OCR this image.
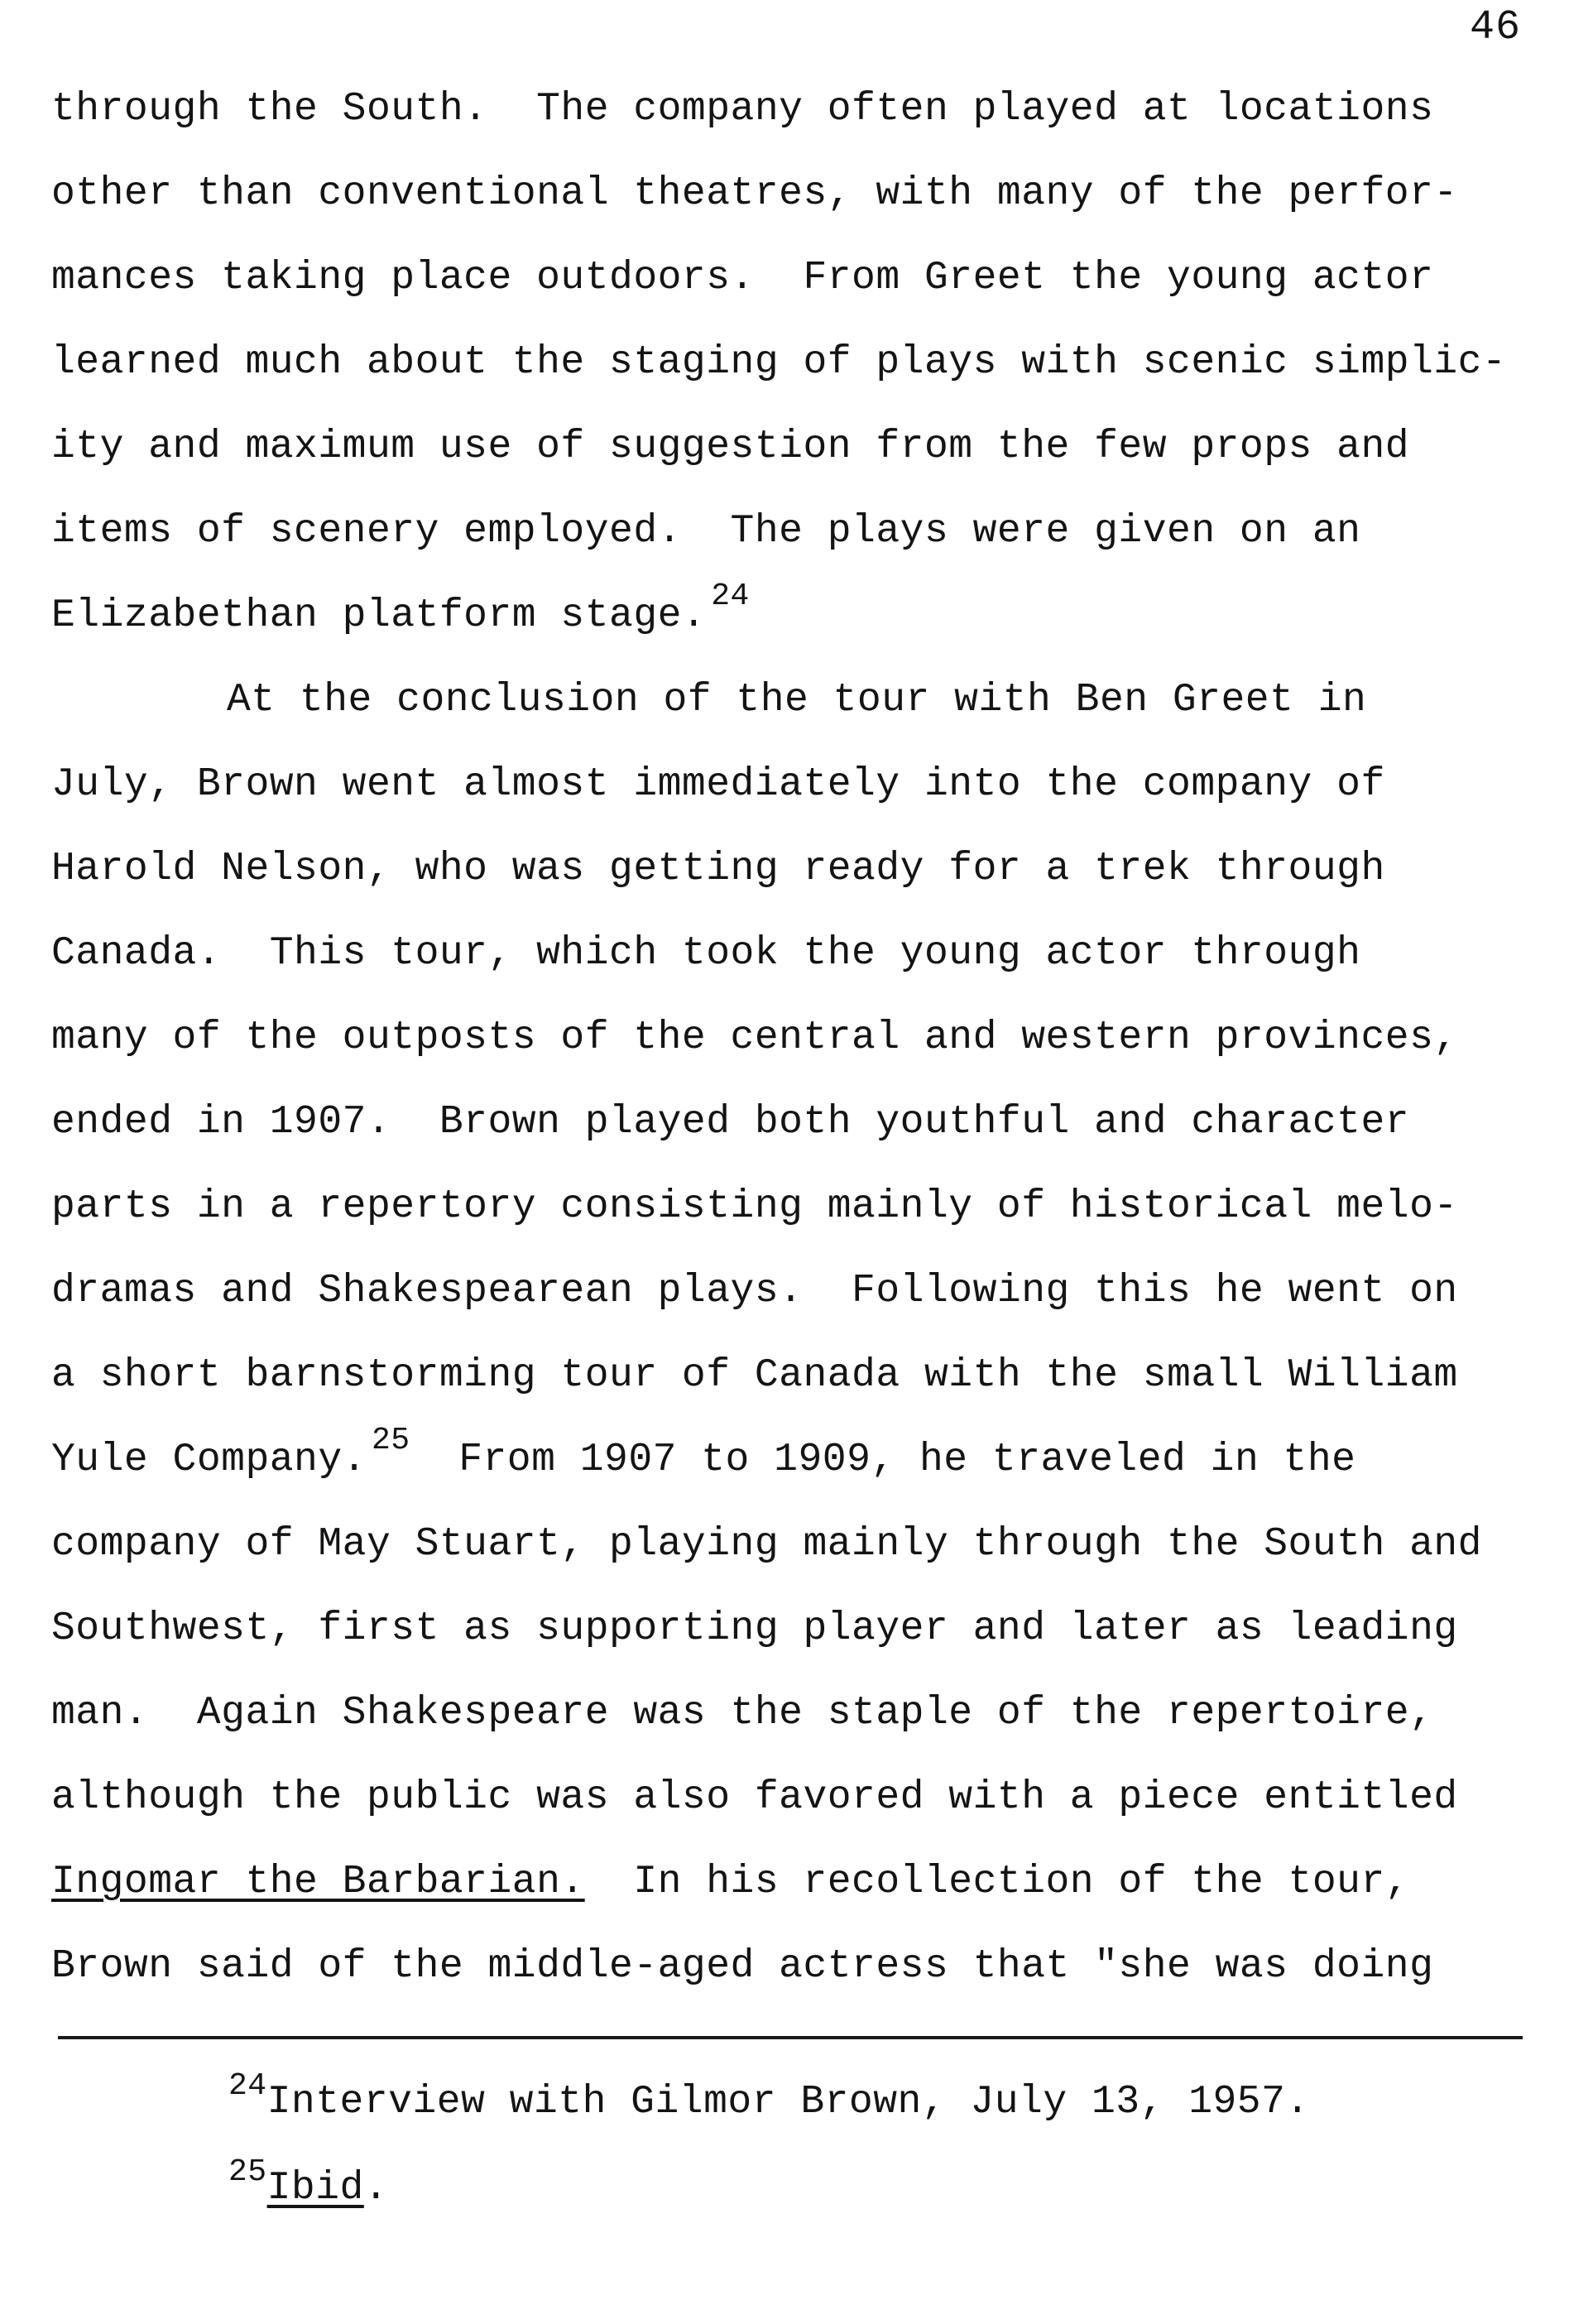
46
through the South.  The company often played at locations
other than conventional theatres, with many of the perfor-
mances taking place outdoors.  From Greet the young actor
learned much about the staging of plays with scenic simplic-
ity and maximum use of suggestion from the few props and
items of scenery employed.  The plays were given on an
Elizabethan platform stage. $^{24}$
At the conclusion of the tour with Ben Greet in
July, Brown went almost immediately into the company of
Harold Nelson, who was getting ready for a trek through
Canada.  This tour, which took the young actor through
many of the outposts of the central and western provinces,
ended in 1907.  Brown played both youthful and character
parts in a repertory consisting mainly of historical melo-
dramas and Shakespearean plays.  Following this he went on
a short barnstorming tour of Canada with the small William
Yule Company. $^{25}$  From 1907 to 1909, he traveled in the
company of May Stuart, playing mainly through the South and
Southwest, first as supporting player and later as leading
man.  Again Shakespeare was the staple of the repertoire,
although the public was also favored with a piece entitled
Ingomar the Barbarian.  In his recollection of the tour,
Brown said of the middle-aged actress that "she was doing
$^{24}$Interview with Gilmor Brown, July 13, 1957.
$^{25}$Ibid.
